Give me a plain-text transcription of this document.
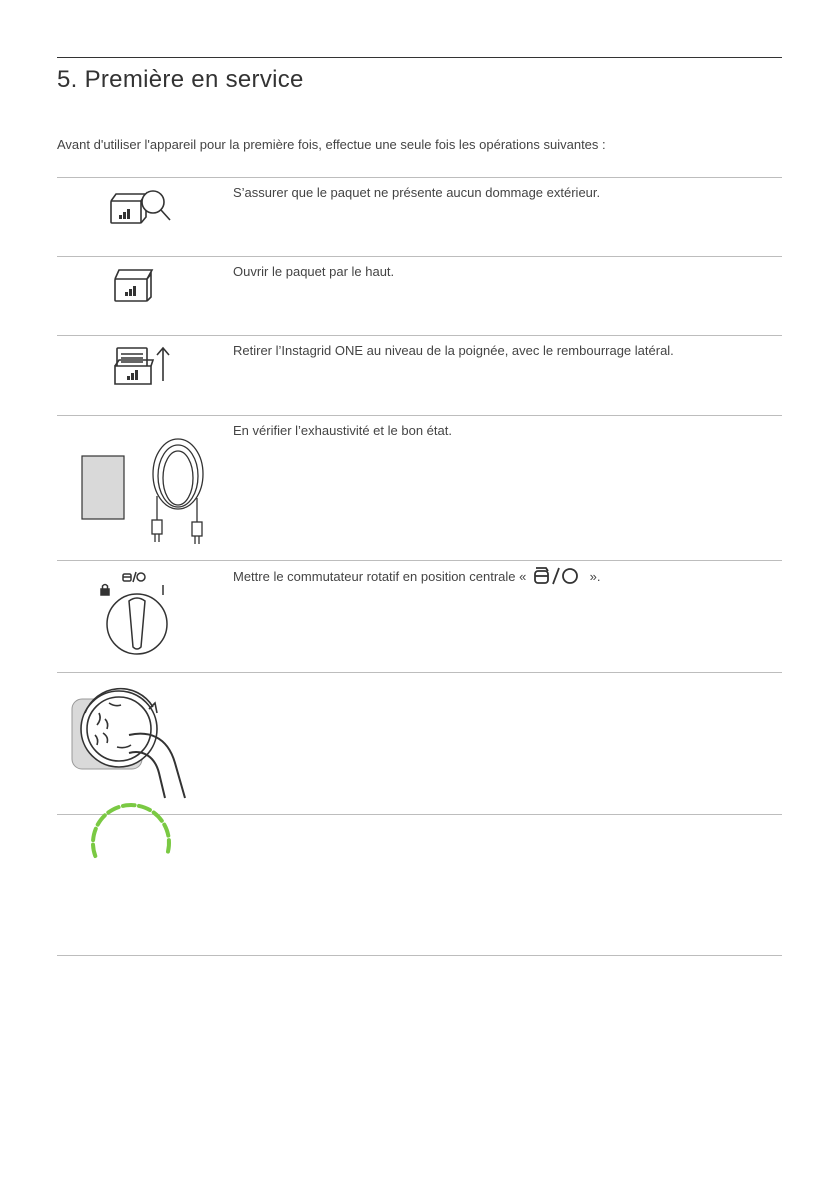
5. Première en service

Avant d'utiliser l'appareil pour la première fois, effectue une seule fois les opérations suivantes :

S’assurer que le paquet ne présente aucun dommage extérieur.
Ouvrir le paquet par le haut.
Retirer l’Instagrid ONE au niveau de la poignée, avec le rembourrage latéral.
En vérifier l’exhaustivité et le bon état.
Mettre le commutateur rotatif en position centrale «	».
